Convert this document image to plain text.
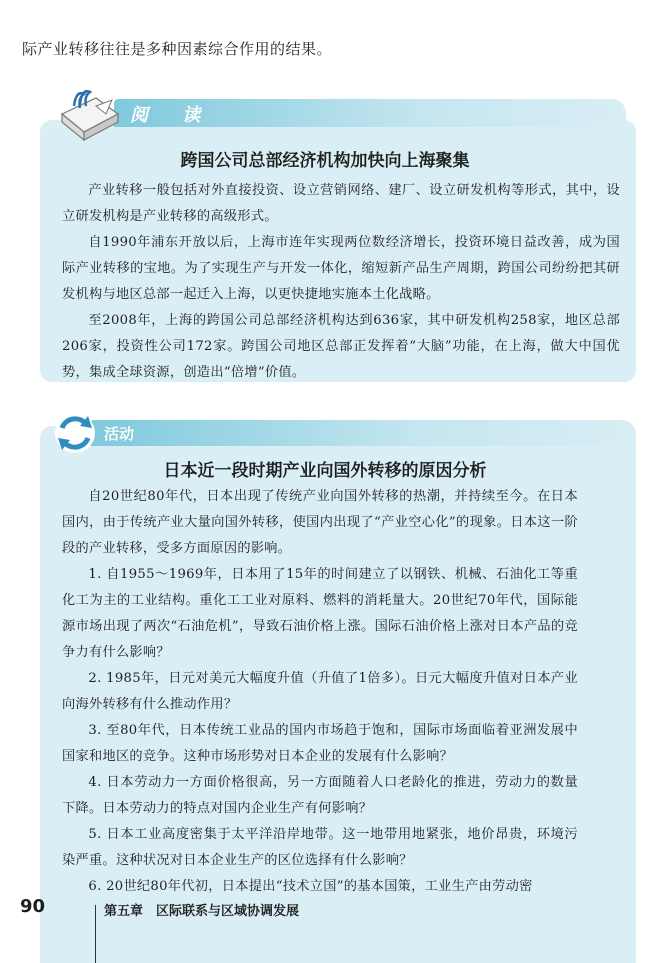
际产业转移往往是多种因素综合作用的结果。
阅 读
跨国公司总部经济机构加快向上海聚集
产业转移一般包括对外直接投资、设立营销网络、建厂、设立研发机构等形式，其中，设立研发机构是产业转移的高级形式。
自1990年浦东开放以后，上海市连年实现两位数经济增长，投资环境日益改善，成为国际产业转移的宝地。为了实现生产与开发一体化，缩短新产品生产周期，跨国公司纷纷把其研发机构与地区总部一起迁入上海，以更快捷地实施本土化战略。
至2008年，上海的跨国公司总部经济机构达到636家，其中研发机构258家，地区总部206家，投资性公司172家。跨国公司地区总部正发挥着“大脑”功能，在上海，做大中国优势，集成全球资源，创造出“倍增”价值。
活动
日本近一段时期产业向国外转移的原因分析
自20世纪80年代，日本出现了传统产业向国外转移的热潮，并持续至今。在日本国内，由于传统产业大量向国外转移，使国内出现了“产业空心化”的现象。日本这一阶段的产业转移，受多方面原因的影响。
1. 自1955～1969年，日本用了15年的时间建立了以钢铁、机械、石油化工等重化工为主的工业结构。重化工工业对原料、燃料的消耗量大。20世纪70年代，国际能源市场出现了两次“石油危机”，导致石油价格上涨。国际石油价格上涨对日本产品的竞争力有什么影响？
2. 1985年，日元对美元大幅度升值（升值了1倍多）。日元大幅度升值对日本产业向海外转移有什么推动作用？
3. 至80年代，日本传统工业品的国内市场趋于饱和，国际市场面临着亚洲发展中国家和地区的竞争。这种市场形势对日本企业的发展有什么影响？
4. 日本劳动力一方面价格很高，另一方面随着人口老龄化的推进，劳动力的数量下降。日本劳动力的特点对国内企业生产有何影响？
5. 日本工业高度密集于太平洋沿岸地带。这一地带用地紧张，地价昂贵，环境污染严重。这种状况对日本企业生产的区位选择有什么影响？
6. 20世纪80年代初，日本提出“技术立国”的基本国策，工业生产由劳动密
90	第五章　区际联系与区域协调发展
